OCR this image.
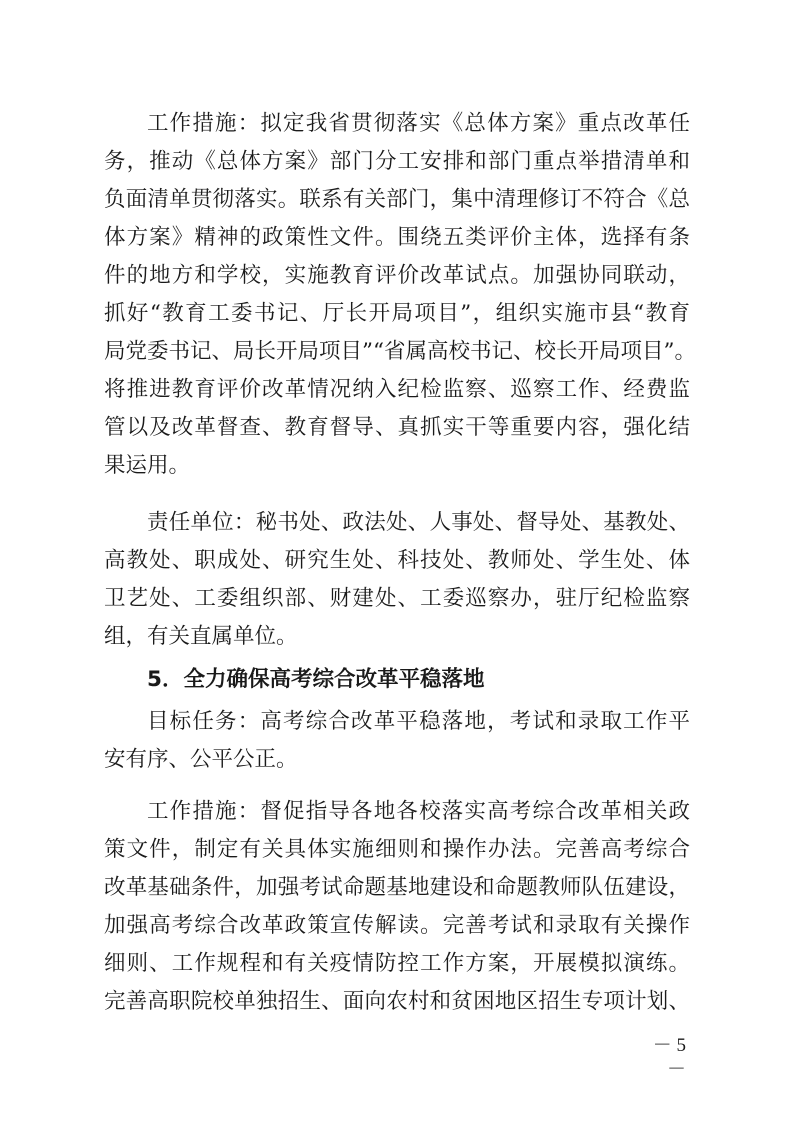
工作措施：拟定我省贯彻落实《总体方案》重点改革任
务，推动《总体方案》部门分工安排和部门重点举措清单和
负面清单贯彻落实。联系有关部门，集中清理修订不符合《总
体方案》精神的政策性文件。围绕五类评价主体，选择有条
件的地方和学校，实施教育评价改革试点。加强协同联动，
抓好“教育工委书记、厅长开局项目”，组织实施市县“教育
局党委书记、局长开局项目”“省属高校书记、校长开局项目”。
将推进教育评价改革情况纳入纪检监察、巡察工作、经费监
管以及改革督查、教育督导、真抓实干等重要内容，强化结
果运用。
责任单位：秘书处、政法处、人事处、督导处、基教处、
高教处、职成处、研究生处、科技处、教师处、学生处、体
卫艺处、工委组织部、财建处、工委巡察办，驻厅纪检监察
组，有关直属单位。
5．全力确保高考综合改革平稳落地
目标任务：高考综合改革平稳落地，考试和录取工作平
安有序、公平公正。
工作措施：督促指导各地各校落实高考综合改革相关政
策文件，制定有关具体实施细则和操作办法。完善高考综合
改革基础条件，加强考试命题基地建设和命题教师队伍建设，
加强高考综合改革政策宣传解读。完善考试和录取有关操作
细则、工作规程和有关疫情防控工作方案，开展模拟演练。
完善高职院校单独招生、面向农村和贫困地区招生专项计划、
－ 5 －
